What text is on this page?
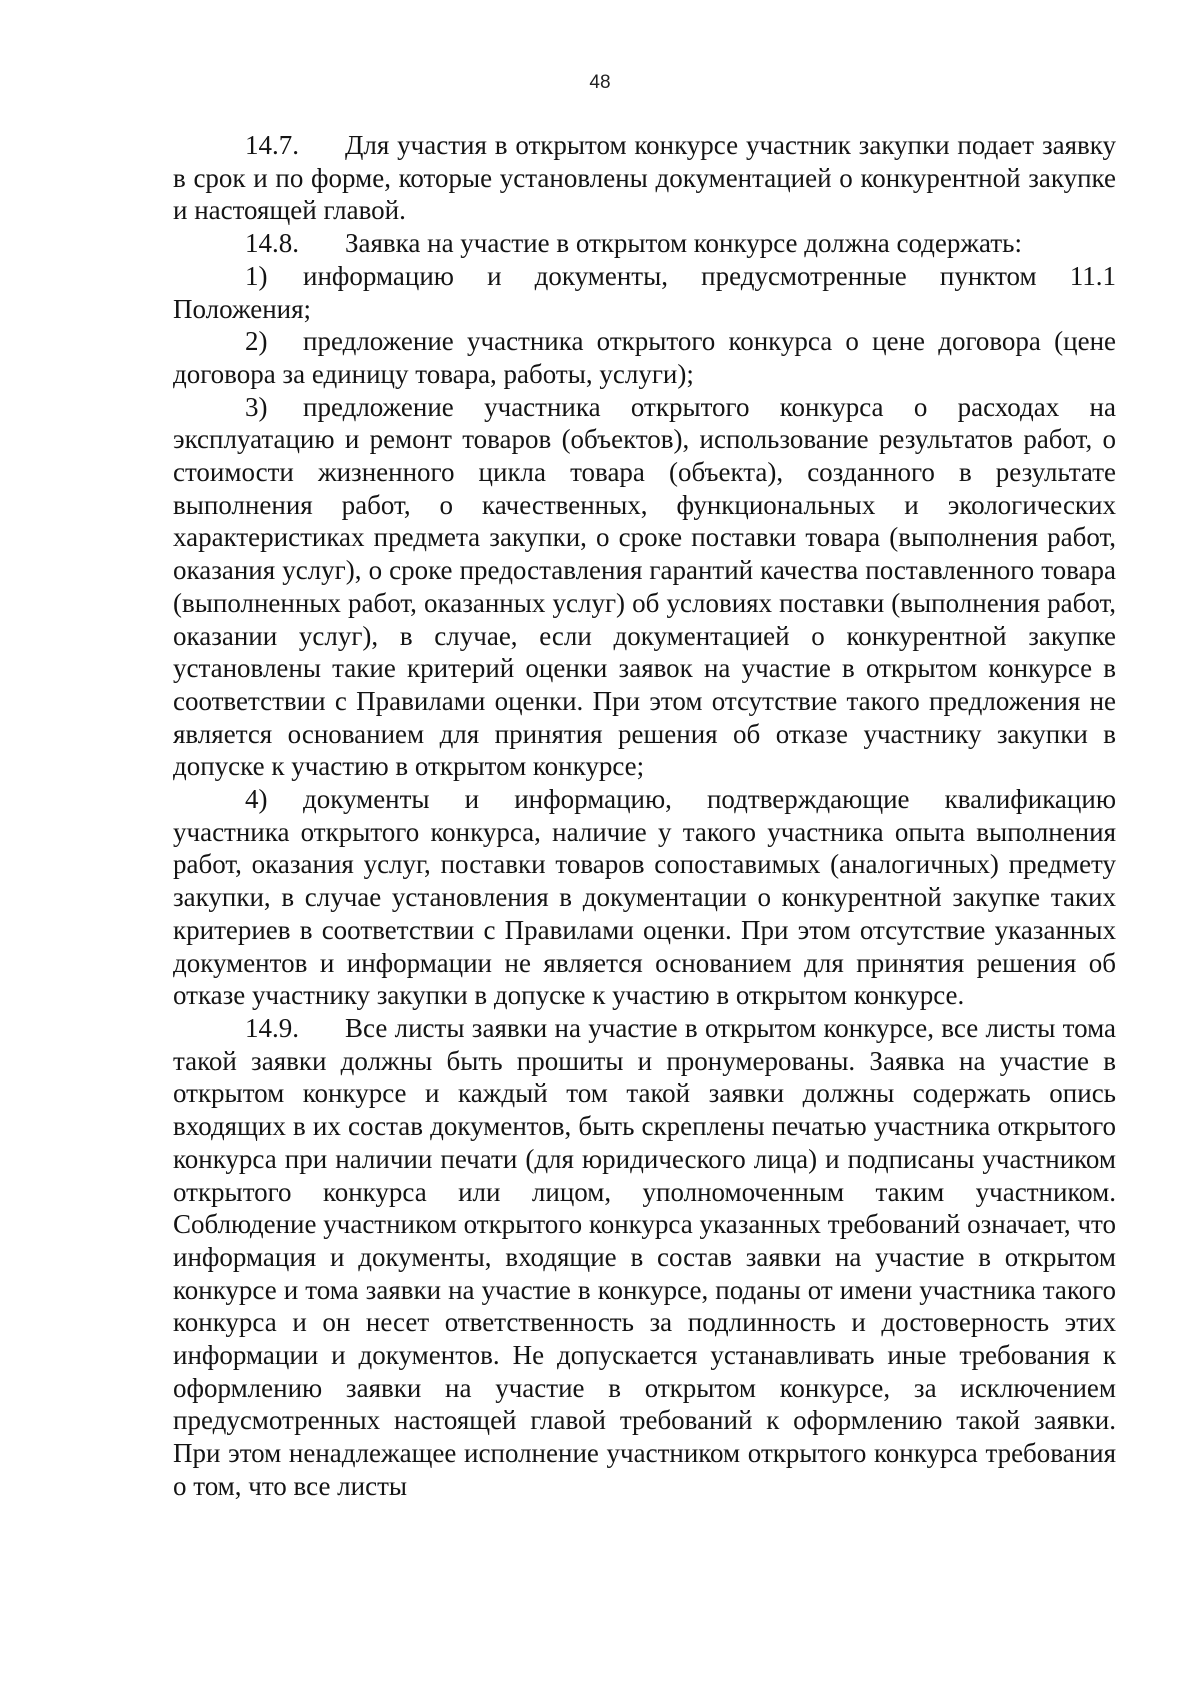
48

14.7. Для участия в открытом конкурсе участник закупки подает заявку в срок и по форме, которые установлены документацией о конкурентной закупке и настоящей главой.

14.8. Заявка на участие в открытом конкурсе должна содержать:

1) информацию и документы, предусмотренные пунктом 11.1 Положения;

2) предложение участника открытого конкурса о цене договора (цене договора за единицу товара, работы, услуги);

3) предложение участника открытого конкурса о расходах на эксплуатацию и ремонт товаров (объектов), использование результатов работ, о стоимости жизненного цикла товара (объекта), созданного в результате выполнения работ, о качественных, функциональных и экологических характеристиках предмета закупки, о сроке поставки товара (выполнения работ, оказания услуг), о сроке предоставления гарантий качества поставленного товара (выполненных работ, оказанных услуг) об условиях поставки (выполнения работ, оказании услуг), в случае, если документацией о конкурентной закупке установлены такие критерий оценки заявок на участие в открытом конкурсе в соответствии с Правилами оценки. При этом отсутствие такого предложения не является основанием для принятия решения об отказе участнику закупки в допуске к участию в открытом конкурсе;

4) документы и информацию, подтверждающие квалификацию участника открытого конкурса, наличие у такого участника опыта выполнения работ, оказания услуг, поставки товаров сопоставимых (аналогичных) предмету закупки, в случае установления в документации о конкурентной закупке таких критериев в соответствии с Правилами оценки. При этом отсутствие указанных документов и информации не является основанием для принятия решения об отказе участнику закупки в допуске к участию в открытом конкурсе.

14.9. Все листы заявки на участие в открытом конкурсе, все листы тома такой заявки должны быть прошиты и пронумерованы. Заявка на участие в открытом конкурсе и каждый том такой заявки должны содержать опись входящих в их состав документов, быть скреплены печатью участника открытого конкурса при наличии печати (для юридического лица) и подписаны участником открытого конкурса или лицом, уполномоченным таким участником. Соблюдение участником открытого конкурса указанных требований означает, что информация и документы, входящие в состав заявки на участие в открытом конкурсе и тома заявки на участие в конкурсе, поданы от имени участника такого конкурса и он несет ответственность за подлинность и достоверность этих информации и документов. Не допускается устанавливать иные требования к оформлению заявки на участие в открытом конкурсе, за исключением предусмотренных настоящей главой требований к оформлению такой заявки. При этом ненадлежащее исполнение участником открытого конкурса требования о том, что все листы
